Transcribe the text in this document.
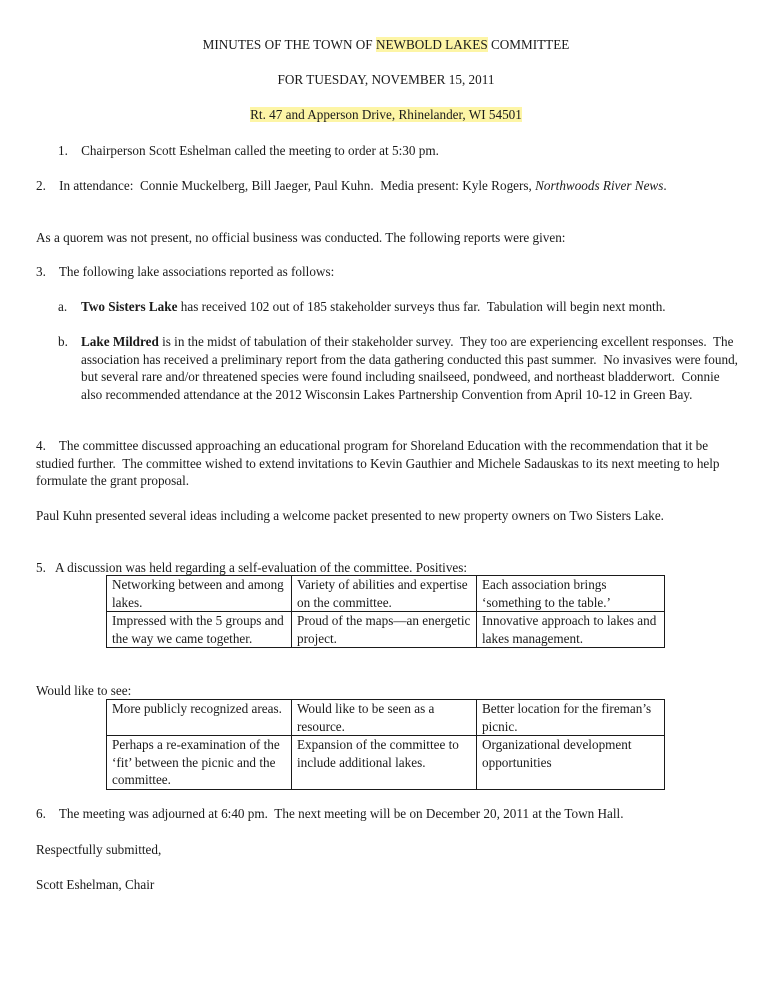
MINUTES OF THE TOWN OF NEWBOLD LAKES COMMITTEE

FOR TUESDAY, NOVEMBER 15, 2011

Rt. 47 and Apperson Drive, Rhinelander, WI 54501

1.    Chairperson Scott Eshelman called the meeting to order at 5:30 pm.

2.    In attendance:  Connie Muckelberg, Bill Jaeger, Paul Kuhn.  Media present: Kyle Rogers, Northwoods River News.

As a quorem was not present, no official business was conducted. The following reports were given:

3.    The following lake associations reported as follows:

a. Two Sisters Lake has received 102 out of 185 stakeholder surveys thus far.  Tabulation will begin next month.

b. Lake Mildred is in the midst of tabulation of their stakeholder survey.  They too are experiencing excellent responses.  The association has received a preliminary report from the data gathering conducted this past summer.  No invasives were found, but several rare and/or threatened species were found including snailseed, pondweed, and northeast bladderwort.  Connie also recommended attendance at the 2012 Wisconsin Lakes Partnership Convention from April 10-12 in Green Bay.

4.    The committee discussed approaching an educational program for Shoreland Education with the recommendation that it be studied further.  The committee wished to extend invitations to Kevin Gauthier and Michele Sadauskas to its next meeting to help formulate the grant proposal.

Paul Kuhn presented several ideas including a welcome packet presented to new property owners on Two Sisters Lake.

5.   A discussion was held regarding a self-evaluation of the committee. Positives:

Networking between and among lakes.	Variety of abilities and expertise on the committee.	Each association brings ‘something to the table.’
Impressed with the 5 groups and the way we came together.	Proud of the maps—an energetic project.	Innovative approach to lakes and lakes management.

Would like to see:

More publicly recognized areas.	Would like to be seen as a resource.	Better location for the fireman’s picnic.
Perhaps a re-examination of the ‘fit’ between the picnic and the committee.	Expansion of the committee to include additional lakes.	Organizational development opportunities

6.    The meeting was adjourned at 6:40 pm.  The next meeting will be on December 20, 2011 at the Town Hall.

Respectfully submitted,

Scott Eshelman, Chair
